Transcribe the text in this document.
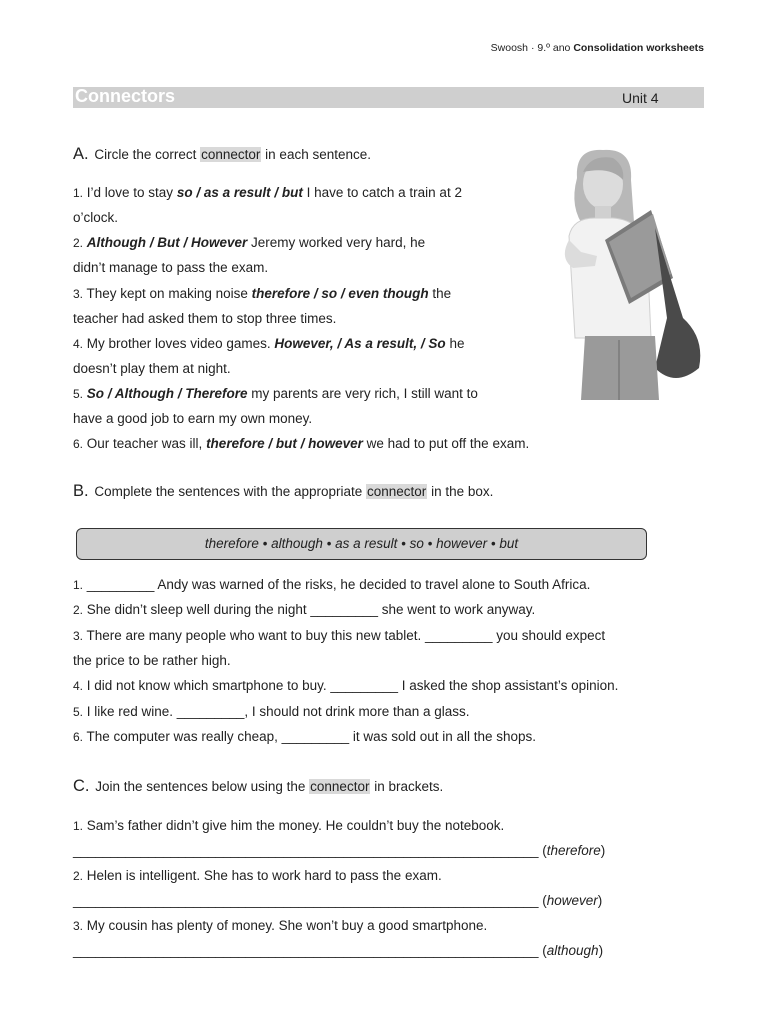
Swoosh · 9.º ano Consolidation worksheets
Connectors	Unit 4
A. Circle the correct connector in each sentence.
1. I’d love to stay so / as a result / but I have to catch a train at 2
o’clock.
2. Although / But / However Jeremy worked very hard, he
didn’t manage to pass the exam.
3. They kept on making noise therefore / so / even though the
teacher had asked them to stop three times.
4. My brother loves video games. However, / As a result, / So he
doesn’t play them at night.
5. So / Although / Therefore my parents are very rich, I still want to
have a good job to earn my own money.
6. Our teacher was ill, therefore / but / however we had to put off the exam.
B. Complete the sentences with the appropriate connector in the box.
therefore • although • as a result • so • however • but
1. _________ Andy was warned of the risks, he decided to travel alone to South Africa.
2. She didn’t sleep well during the night _________ she went to work anyway.
3. There are many people who want to buy this new tablet. _________ you should expect
the price to be rather high.
4. I did not know which smartphone to buy. _________ I asked the shop assistant’s opinion.
5. I like red wine. _________, I should not drink more than a glass.
6. The computer was really cheap, _________ it was sold out in all the shops.
C. Join the sentences below using the connector in brackets.
1. Sam’s father didn’t give him the money. He couldn’t buy the notebook.
______________________________________________________________ (therefore)
2. Helen is intelligent. She has to work hard to pass the exam.
______________________________________________________________ (however)
3. My cousin has plenty of money. She won’t buy a good smartphone.
______________________________________________________________ (although)
